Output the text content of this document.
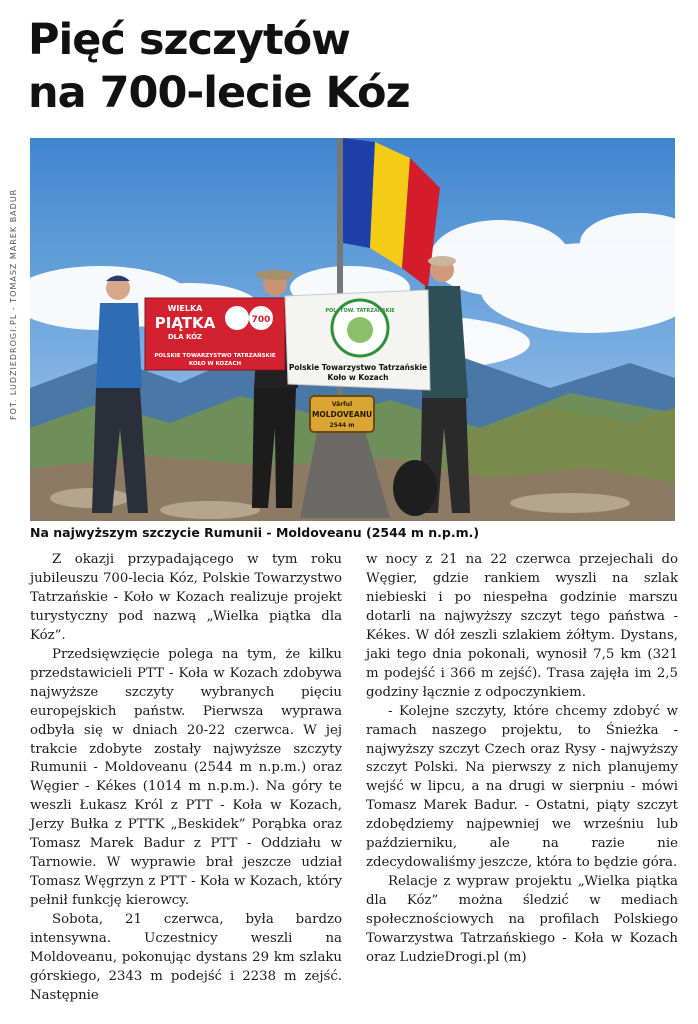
Pięć szczytów
na 700-lecie Kóz
Vârful
MOLDOVEANU
2544 m
WIELKA
PIĄTKA
DLA KÓZ
700
POLSKIE TOWARZYSTWO TATRZAŃSKIE
KOŁO W KOZACH
POL. TOW. TATRZAŃSKIE
Polskie Towarzystwo Tatrzańskie
Koło w Kozach
FOT. LUDZIEDROGI.PL - TOMASZ MAREK BADUR

Na najwyższym szczycie Rumunii - Moldoveanu (2544 m n.p.m.)

Z okazji przypadającego w tym roku jubileuszu 700-lecia Kóz, Polskie Towarzystwo Tatrzańskie - Koło w Kozach realizuje projekt turystyczny pod nazwą „Wielka piątka dla Kóz”.

Przedsięwzięcie polega na tym, że kilku przedstawicieli PTT - Koła w Kozach zdobywa najwyższe szczyty wybranych pięciu europejskich państw. Pierwsza wyprawa odbyła się w dniach 20-22 czerwca. W jej trakcie zdobyte zostały najwyższe szczyty Rumunii - Moldoveanu (2544 m n.p.m.) oraz Węgier - Kékes (1014 m n.p.m.). Na góry te weszli Łukasz Król z PTT - Koła w Kozach, Jerzy Bułka z PTTK „Beskidek” Porąbka oraz Tomasz Marek Badur z PTT - Oddziału w Tarnowie. W wyprawie brał jeszcze udział Tomasz Węgrzyn z PTT - Koła w Kozach, który pełnił funkcję kierowcy.

Sobota, 21 czerwca, była bardzo intensywna. Uczestnicy weszli na Moldoveanu, pokonując dystans 29 km szlaku górskiego, 2343 m podejść i 2238 m zejść. Następnie

w nocy z 21 na 22 czerwca przejechali do Węgier, gdzie rankiem wyszli na szlak niebieski i po niespełna godzinie marszu dotarli na najwyższy szczyt tego państwa - Kékes. W dół zeszli szlakiem żółtym. Dystans, jaki tego dnia pokonali, wynosił 7,5 km (321 m podejść i 366 m zejść). Trasa zajęła im 2,5 godziny łącznie z odpoczynkiem.

- Kolejne szczyty, które chcemy zdobyć w ramach naszego projektu, to Śnieżka - najwyższy szczyt Czech oraz Rysy - najwyższy szczyt Polski. Na pierwszy z nich planujemy wejść w lipcu, a na drugi w sierpniu - mówi Tomasz Marek Badur. - Ostatni, piąty szczyt zdobędziemy najpewniej we wrześniu lub październiku, ale na razie nie zdecydowaliśmy jeszcze, która to będzie góra.

Relacje z wypraw projektu „Wielka piątka dla Kóz” można śledzić w mediach społecznościowych na profilach Polskiego Towarzystwa Tatrzańskiego - Koła w Kozach oraz LudzieDrogi.pl (m)
